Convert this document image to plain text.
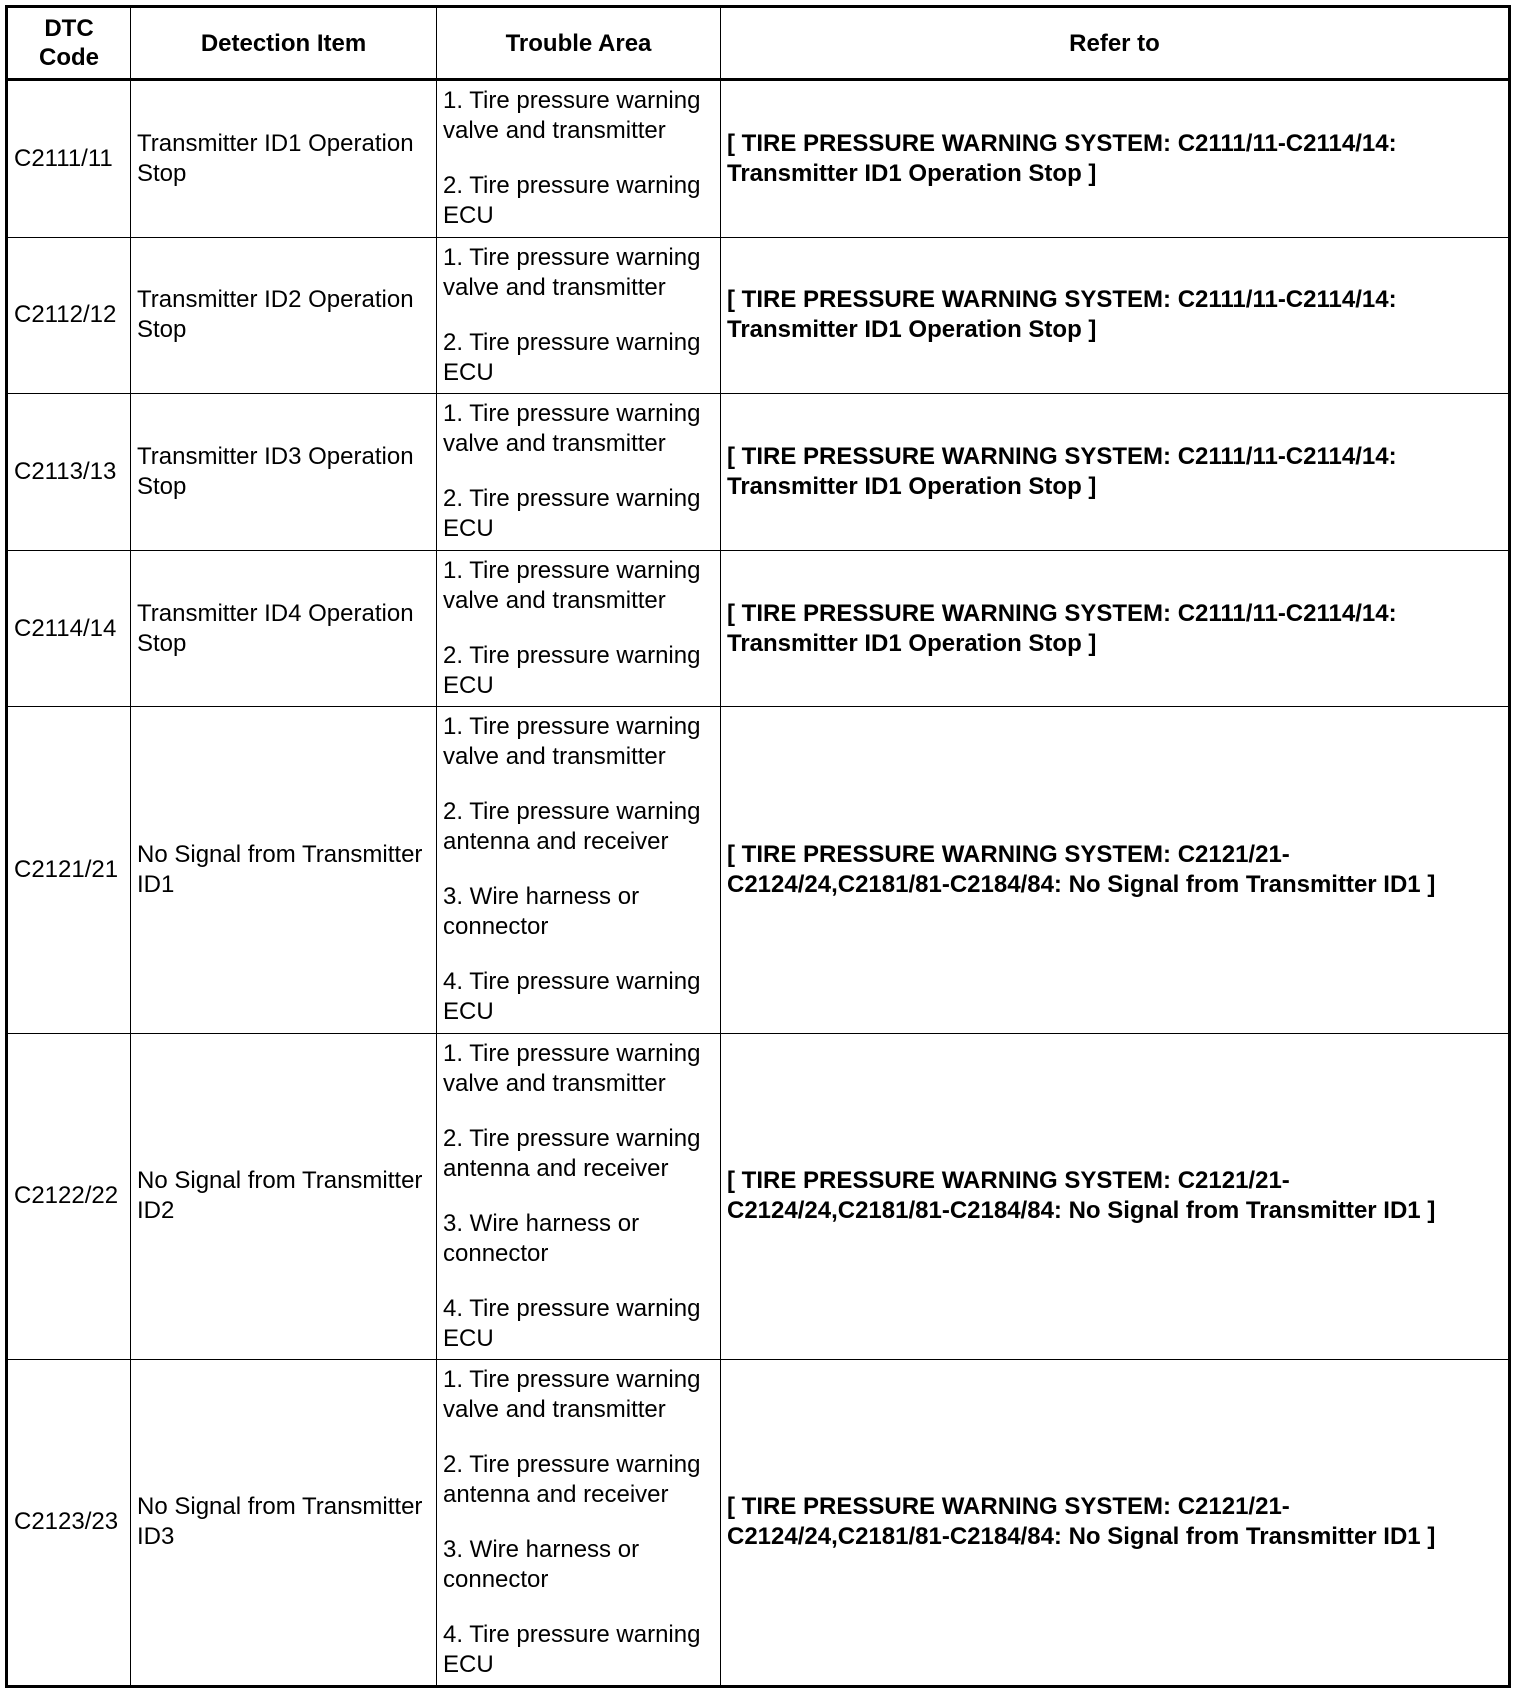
DTC Code	Detection Item	Trouble Area	Refer to
C2111/11	Transmitter ID1 Operation Stop	1. Tire pressure warning valve and transmitter
2. Tire pressure warning ECU	[ TIRE PRESSURE WARNING SYSTEM: C2111/11-C2114/14: Transmitter ID1 Operation Stop ]
C2112/12	Transmitter ID2 Operation Stop	1. Tire pressure warning valve and transmitter
2. Tire pressure warning ECU	[ TIRE PRESSURE WARNING SYSTEM: C2111/11-C2114/14: Transmitter ID1 Operation Stop ]
C2113/13	Transmitter ID3 Operation Stop	1. Tire pressure warning valve and transmitter
2. Tire pressure warning ECU	[ TIRE PRESSURE WARNING SYSTEM: C2111/11-C2114/14: Transmitter ID1 Operation Stop ]
C2114/14	Transmitter ID4 Operation Stop	1. Tire pressure warning valve and transmitter
2. Tire pressure warning ECU	[ TIRE PRESSURE WARNING SYSTEM: C2111/11-C2114/14: Transmitter ID1 Operation Stop ]
C2121/21	No Signal from Transmitter ID1	1. Tire pressure warning valve and transmitter
2. Tire pressure warning antenna and receiver
3. Wire harness or connector
4. Tire pressure warning ECU	[ TIRE PRESSURE WARNING SYSTEM: C2121/21-C2124/24,C2181/81-C2184/84: No Signal from Transmitter ID1 ]
C2122/22	No Signal from Transmitter ID2	1. Tire pressure warning valve and transmitter
2. Tire pressure warning antenna and receiver
3. Wire harness or connector
4. Tire pressure warning ECU	[ TIRE PRESSURE WARNING SYSTEM: C2121/21-C2124/24,C2181/81-C2184/84: No Signal from Transmitter ID1 ]
C2123/23	No Signal from Transmitter ID3	1. Tire pressure warning valve and transmitter
2. Tire pressure warning antenna and receiver
3. Wire harness or connector
4. Tire pressure warning ECU	[ TIRE PRESSURE WARNING SYSTEM: C2121/21-C2124/24,C2181/81-C2184/84: No Signal from Transmitter ID1 ]
